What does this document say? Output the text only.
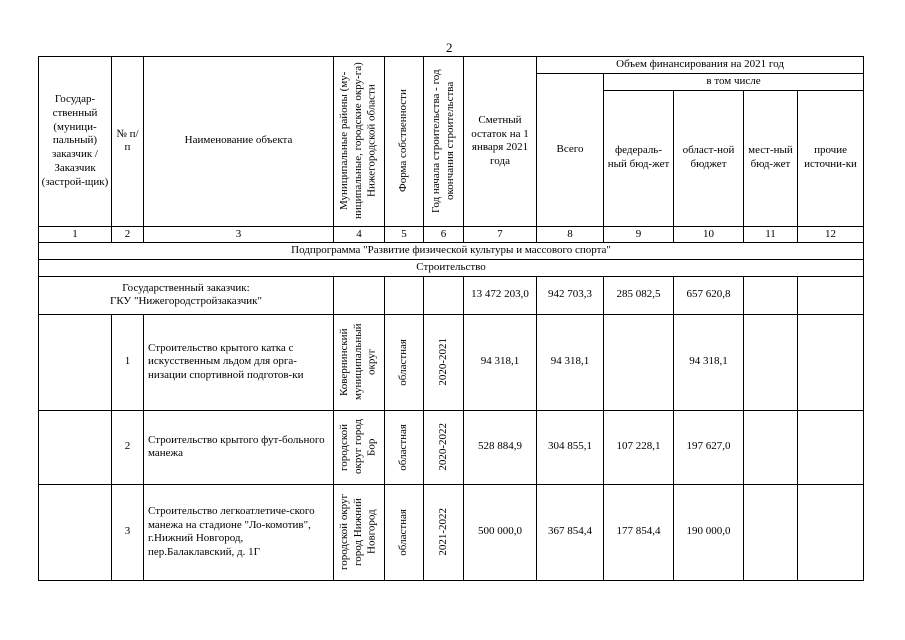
2
Государ-ственный (муници-пальный) заказчик / Заказчик (застрой-щик)	№ п/п	Наименование объекта	Муниципальные районы (му-ниципальные, городские окру-га) Нижегородской области	Форма собственности	Год начала строительства - год окончания строительства	Сметный остаток на 1 января 2021 года	Объем финансирования на 2021 год				
							Всего	в том числе			
								федераль-ный бюд-жет	област-ной бюджет	мест-ный бюд-жет	прочие источни-ки
1	2	3	4	5	6	7	8	9	10	11	12
Подпрограмма "Развитие физической культуры и массового спорта"											
Строительство											

Государственный заказчик:
ГКУ "Нижегородстройзаказчик"						13 472 203,0	942 703,3	285 082,5	657 620,8		
	1	Строительство крытого катка с искусственным льдом для орга-низации спортивной подготов-ки	Ковернинский муниципальный округ	областная	2020-2021	94 318,1	94 318,1		94 318,1		
	2	Строительство крытого фут-больного манежа	городской округ город Бор	областная	2020-2022	528 884,9	304 855,1	107 228,1	197 627,0		
	3	Строительство легкоатлетиче-ского манежа на стадионе "Ло-комотив", г.Нижний Новгород, пер.Балаклавский, д. 1Г	городской округ город Нижний Новгород	областная	2021-2022	500 000,0	367 854,4	177 854,4	190 000,0		
